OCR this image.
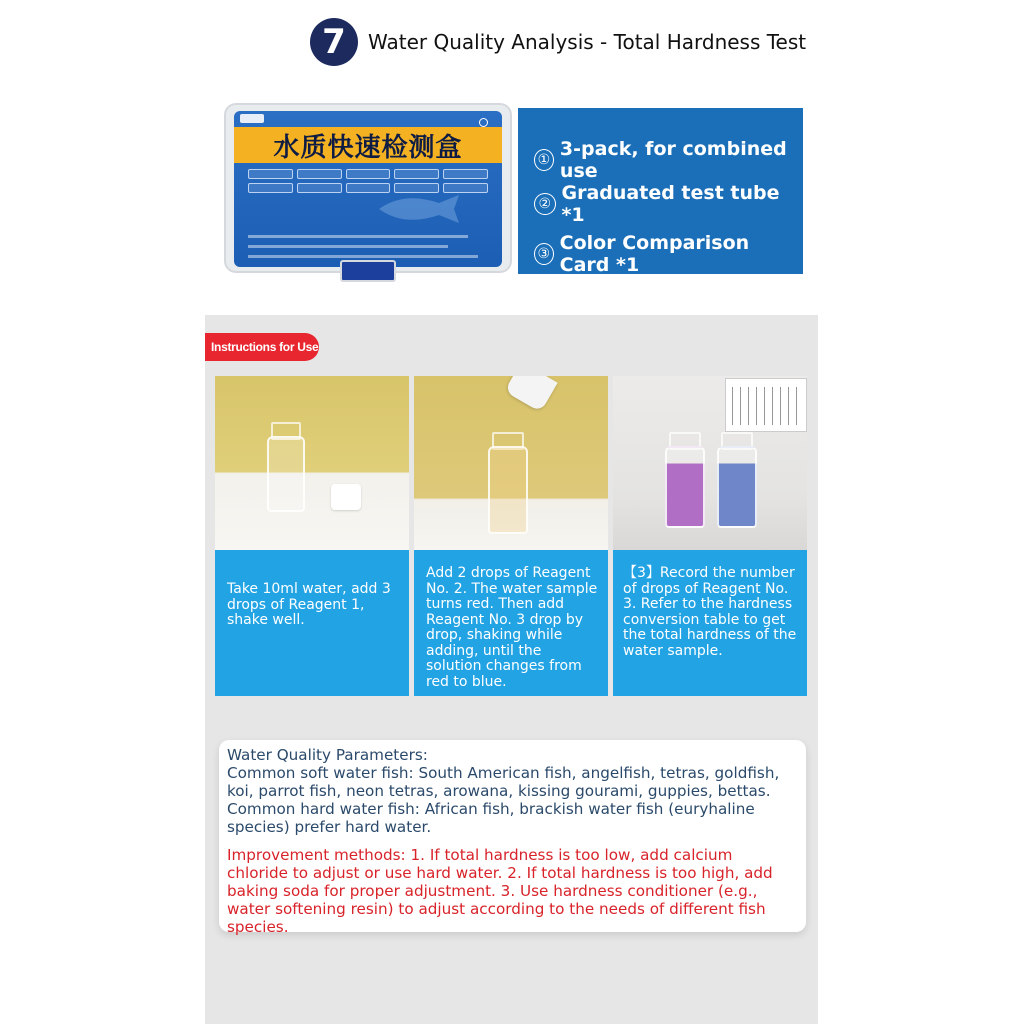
7	Water Quality Analysis - Total Hardness Test
水质快速检测盒	① 3-pack, for combined use
② Graduated test tube *1
③ Color Comparison Card *1
Instructions for Use
Take 10ml water, add 3 drops of Reagent 1, shake well.
Add 2 drops of Reagent No. 2. The water sample turns red. Then add Reagent No. 3 drop by drop, shaking while adding, until the solution changes from red to blue.
【3】Record the number of drops of Reagent No. 3. Refer to the hardness conversion table to get the total hardness of the water sample.

Water Quality Parameters:
Common soft water fish: South American fish, angelfish, tetras, goldfish, koi, parrot fish, neon tetras, arowana, kissing gourami, guppies, bettas.
Common hard water fish: African fish, brackish water fish (euryhaline species) prefer hard water.

Improvement methods: 1. If total hardness is too low, add calcium chloride to adjust or use hard water. 2. If total hardness is too high, add baking soda for proper adjustment. 3. Use hardness conditioner (e.g., water softening resin) to adjust according to the needs of different fish species.
